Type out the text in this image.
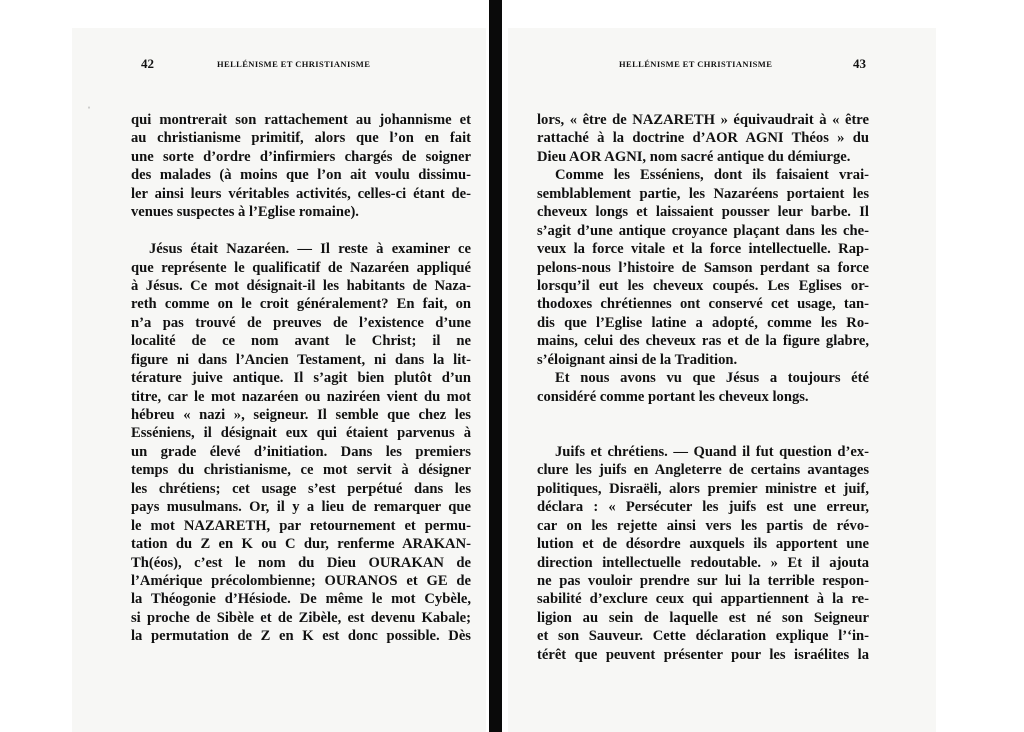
ˈ
42	HELLÉNISME ET CHRISTIANISME	HELLÉNISME ET CHRISTIANISME	43
qui montrerait son rattachement au johannisme et
au christianisme primitif, alors que l’on en fait
une sorte d’ordre d’infirmiers chargés de soigner
des malades (à moins que l’on ait voulu dissimu-
ler ainsi leurs véritables activités, celles-ci étant de-
venues suspectes à l’Eglise romaine).
Jésus était Nazaréen. — Il reste à examiner ce
que représente le qualificatif de Nazaréen appliqué
à Jésus. Ce mot désignait-il les habitants de Naza-
reth comme on le croit généralement? En fait, on
n’a pas trouvé de preuves de l’existence d’une
localité de ce nom avant le Christ; il ne
figure ni dans l’Ancien Testament, ni dans la lit-
térature juive antique. Il s’agit bien plutôt d’un
titre, car le mot nazaréen ou naziréen vient du mot
hébreu « nazi », seigneur. Il semble que chez les
Esséniens, il désignait eux qui étaient parvenus à
un grade élevé d’initiation. Dans les premiers
temps du christianisme, ce mot servit à désigner
les chrétiens; cet usage s’est perpétué dans les
pays musulmans. Or, il y a lieu de remarquer que
le mot NAZARETH, par retournement et permu-
tation du Z en K ou C dur, renferme ARAKAN-
Th(éos), c’est le nom du Dieu OURAKAN de
l’Amérique précolombienne; OURANOS et GE de
la Théogonie d’Hésiode. De même le mot Cybèle,
si proche de Sibèle et de Zibèle, est devenu Kabale;
la permutation de Z en K est donc possible. Dès
lors, « être de NAZARETH » équivaudrait à « être
rattaché à la doctrine d’AOR AGNI Théos » du
Dieu AOR AGNI, nom sacré antique du démiurge.
Comme les Esséniens, dont ils faisaient vrai-
semblablement partie, les Nazaréens portaient les
cheveux longs et laissaient pousser leur barbe. Il
s’agit d’une antique croyance plaçant dans les che-
veux la force vitale et la force intellectuelle. Rap-
pelons-nous l’histoire de Samson perdant sa force
lorsqu’il eut les cheveux coupés. Les Eglises or-
thodoxes chrétiennes ont conservé cet usage, tan-
dis que l’Eglise latine a adopté, comme les Ro-
mains, celui des cheveux ras et de la figure glabre,
s’éloignant ainsi de la Tradition.
Et nous avons vu que Jésus a toujours été
considéré comme portant les cheveux longs.
Juifs et chrétiens. — Quand il fut question d’ex-
clure les juifs en Angleterre de certains avantages
politiques, Disraëli, alors premier ministre et juif,
déclara : « Persécuter les juifs est une erreur,
car on les rejette ainsi vers les partis de révo-
lution et de désordre auxquels ils apportent une
direction intellectuelle redoutable. » Et il ajouta
ne pas vouloir prendre sur lui la terrible respon-
sabilité d’exclure ceux qui appartiennent à la re-
ligion au sein de laquelle est né son Seigneur
et son Sauveur. Cette déclaration explique l’‘in-
térêt que peuvent présenter pour les israélites la
